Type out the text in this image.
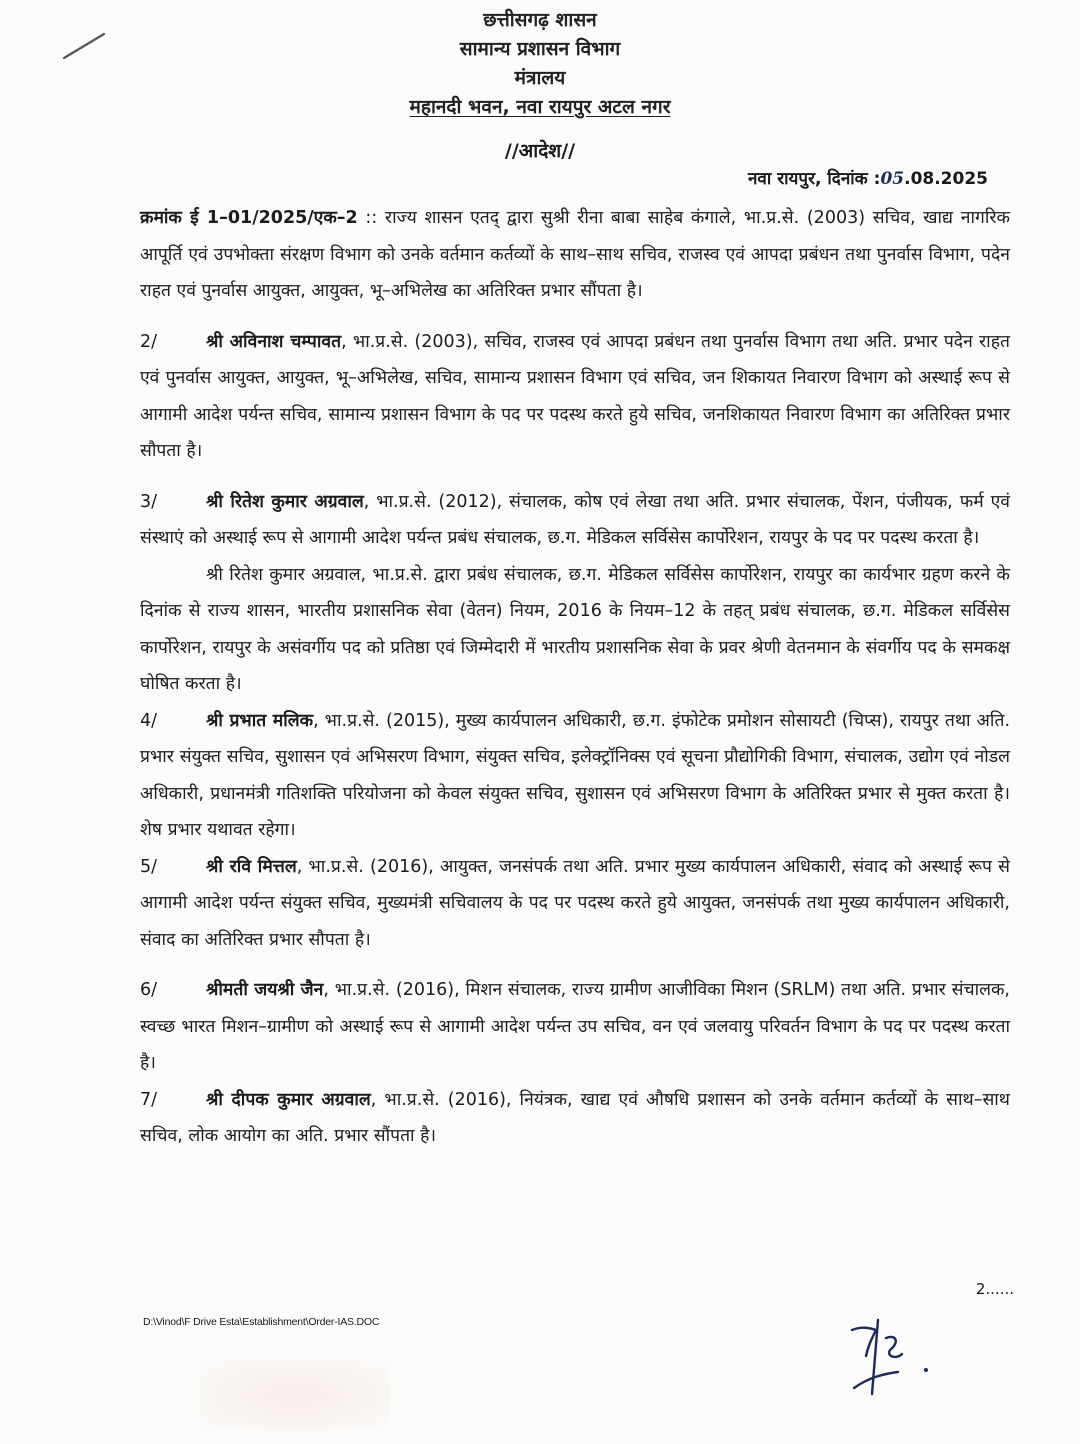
छत्तीसगढ़ शासन
सामान्य प्रशासन विभाग
मंत्रालय
महानदी भवन, नवा रायपुर अटल नगर
//आदेश//
नवा रायपुर, दिनांक :05.08.2025

क्रमांक ई 1–01/2025/एक–2 :: राज्य शासन एतद् द्वारा सुश्री रीना बाबा साहेब कंगाले, भा.प्र.से. (2003) सचिव, खाद्य नागरिक आपूर्ति एवं उपभोक्ता संरक्षण विभाग को उनके वर्तमान कर्तव्यों के साथ–साथ सचिव, राजस्व एवं आपदा प्रबंधन तथा पुनर्वास विभाग, पदेन राहत एवं पुनर्वास आयुक्त, आयुक्त, भू–अभिलेख का अतिरिक्त प्रभार सौंपता है।

2/	श्री अविनाश चम्पावत, भा.प्र.से. (2003), सचिव, राजस्व एवं आपदा प्रबंधन तथा पुनर्वास विभाग तथा अति. प्रभार पदेन राहत एवं पुनर्वास आयुक्त, आयुक्त, भू–अभिलेख, सचिव, सामान्य प्रशासन विभाग एवं सचिव, जन शिकायत निवारण विभाग को अस्थाई रूप से आगामी आदेश पर्यन्त सचिव, सामान्य प्रशासन विभाग के पद पर पदस्थ करते हुये सचिव, जनशिकायत निवारण विभाग का अतिरिक्त प्रभार सौपता है।

3/	श्री रितेश कुमार अग्रवाल, भा.प्र.से. (2012), संचालक, कोष एवं लेखा तथा अति. प्रभार संचालक, पेंशन, पंजीयक, फर्म एवं संस्थाएं को अस्थाई रूप से आगामी आदेश पर्यन्त प्रबंध संचालक, छ.ग. मेडिकल सर्विसेस कार्पोरेशन, रायपुर के पद पर पदस्थ करता है।

श्री रितेश कुमार अग्रवाल, भा.प्र.से. द्वारा प्रबंध संचालक, छ.ग. मेडिकल सर्विसेस कार्पोरेशन, रायपुर का कार्यभार ग्रहण करने के दिनांक से राज्य शासन, भारतीय प्रशासनिक सेवा (वेतन) नियम, 2016 के नियम–12 के तहत् प्रबंध संचालक, छ.ग. मेडिकल सर्विसेस कार्पोरेशन, रायपुर के असंवर्गीय पद को प्रतिष्ठा एवं जिम्मेदारी में भारतीय प्रशासनिक सेवा के प्रवर श्रेणी वेतनमान के संवर्गीय पद के समकक्ष घोषित करता है।

4/	श्री प्रभात मलिक, भा.प्र.से. (2015), मुख्य कार्यपालन अधिकारी, छ.ग. इंफोटेक प्रमोशन सोसायटी (चिप्स), रायपुर तथा अति. प्रभार संयुक्त सचिव, सुशासन एवं अभिसरण विभाग, संयुक्त सचिव, इलेक्ट्रॉनिक्स एवं सूचना प्रौद्योगिकी विभाग, संचालक, उद्योग एवं नोडल अधिकारी, प्रधानमंत्री गतिशक्ति परियोजना को केवल संयुक्त सचिव, सुशासन एवं अभिसरण विभाग के अतिरिक्त प्रभार से मुक्त करता है। शेष प्रभार यथावत रहेगा।

5/	श्री रवि मित्तल, भा.प्र.से. (2016), आयुक्त, जनसंपर्क तथा अति. प्रभार मुख्य कार्यपालन अधिकारी, संवाद को अस्थाई रूप से आगामी आदेश पर्यन्त संयुक्त सचिव, मुख्यमंत्री सचिवालय के पद पर पदस्थ करते हुये आयुक्त, जनसंपर्क तथा मुख्य कार्यपालन अधिकारी, संवाद का अतिरिक्त प्रभार सौपता है।

6/	श्रीमती जयश्री जैन, भा.प्र.से. (2016), मिशन संचालक, राज्य ग्रामीण आजीविका मिशन (SRLM) तथा अति. प्रभार संचालक, स्वच्छ भारत मिशन–ग्रामीण को अस्थाई रूप से आगामी आदेश पर्यन्त उप सचिव, वन एवं जलवायु परिवर्तन विभाग के पद पर पदस्थ करता है।

7/	श्री दीपक कुमार अग्रवाल, भा.प्र.से. (2016), नियंत्रक, खाद्य एवं औषधि प्रशासन को उनके वर्तमान कर्तव्यों के साथ–साथ सचिव, लोक आयोग का अति. प्रभार सौंपता है।

2......
D:\Vinod\F Drive Esta\Establishment\Order-IAS.DOC
